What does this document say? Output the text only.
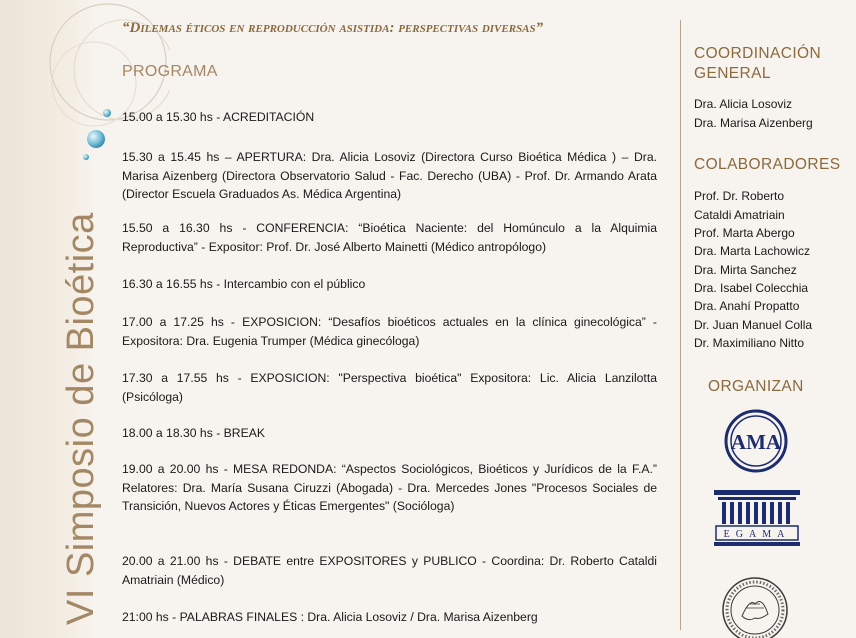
VI Simposio de Bioética
“Dilemas éticos en reproducción asistida: perspectivas diversas”
PROGRAMA
15.00 a 15.30 hs - ACREDITACIÓN
15.30 a 15.45 hs – APERTURA: Dra. Alicia Losoviz (Directora Curso Bioética Médica ) – Dra. Marisa Aizenberg (Directora Observatorio Salud - Fac. Derecho (UBA) - Prof. Dr. Armando Arata (Director Escuela Graduados As. Médica Argentina)
15.50 a 16.30 hs - CONFERENCIA: “Bioética Naciente: del Homúnculo a la Alquimia Reproductiva” - Expositor: Prof. Dr. José Alberto Mainetti (Médico antropólogo)
16.30 a 16.55 hs - Intercambio con el público
17.00 a 17.25 hs - EXPOSICION: “Desafíos bioéticos actuales en la clínica ginecológica” - Expositora: Dra. Eugenia Trumper (Médica ginecóloga)
17.30 a 17.55 hs - EXPOSICION: "Perspectiva bioética" Expositora: Lic. Alicia Lanzilotta (Psicóloga)
18.00 a 18.30 hs - BREAK
19.00 a 20.00 hs - MESA REDONDA: “Aspectos Sociológicos, Bioéticos y Jurídicos de la F.A.” Relatores: Dra. María Susana Ciruzzi (Abogada) - Dra. Mercedes Jones "Procesos Sociales de Transición, Nuevos Actores y Éticas Emergentes" (Socióloga)
20.00 a 21.00 hs - DEBATE entre EXPOSITORES y PUBLICO - Coordina: Dr. Roberto Cataldi Amatriain (Médico)
21:00 hs - PALABRAS FINALES : Dra. Alicia Losoviz / Dra. Marisa Aizenberg
COORDINACIÓN
GENERAL
Dra. Alicia Losoviz
Dra. Marisa Aizenberg
COLABORADORES
Prof. Dr. Roberto
Cataldi Amatriain
Prof. Marta Abergo
Dra. Marta Lachowicz
Dra. Mirta Sanchez
Dra. Isabel Colecchia
Dra. Anahí Propatto
Dr. Juan Manuel Colla
Dr. Maximiliano Nitto
ORGANIZAN
AMA
EGAMA
